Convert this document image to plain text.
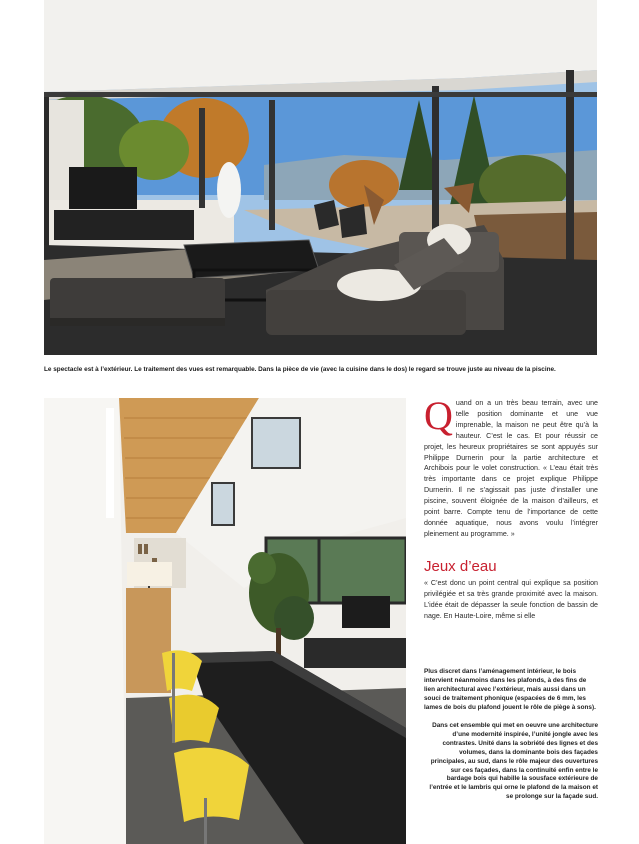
Le spectacle est à l’extérieur. Le traitement des vues est remarquable. Dans la pièce de vie (avec la cuisine dans le dos) le regard se trouve juste au niveau de la piscine.
Q uand on a un très beau terrain, avec une telle position dominante et une vue imprenable, la maison ne peut être qu’à la hauteur. C’est le cas. Et pour réussir ce projet, les heureux propriétaires se sont appuyés sur Philippe Durnerin pour la partie architecture et Archibois pour le volet construction. « L’eau était très très importante dans ce projet explique Philippe Durnerin. Il ne s’agissait pas juste d’installer une piscine, souvent éloignée de la maison d’ailleurs, et point barre. Compte tenu de l’importance de cette donnée aquatique, nous avons voulu l’intégrer pleinement au programme. »

Jeux d’eau

« C’est donc un point central qui explique sa position privilégiée et sa très grande proximité avec la maison. L’idée était de dépasser la seule fonction de bassin de nage. En Haute-Loire, même si elle

Plus discret dans l’aménagement intérieur, le bois intervient néanmoins dans les plafonds, à des fins de lien architectural avec l’extérieur, mais aussi dans un souci de traitement phonique (espacées de 6 mm, les lames de bois du plafond jouent le rôle de piège à sons).
Dans cet ensemble qui met en oeuvre une architecture d’une modernité inspirée, l’unité jongle avec les contrastes. Unité dans la sobriété des lignes et des volumes, dans la dominante bois des façades principales, au sud, dans le rôle majeur des ouvertures sur ces façades, dans la continuité enfin entre le bardage bois qui habille la sousface extérieure de l’entrée et le lambris qui orne le plafond de la maison et se prolonge sur la façade sud.
